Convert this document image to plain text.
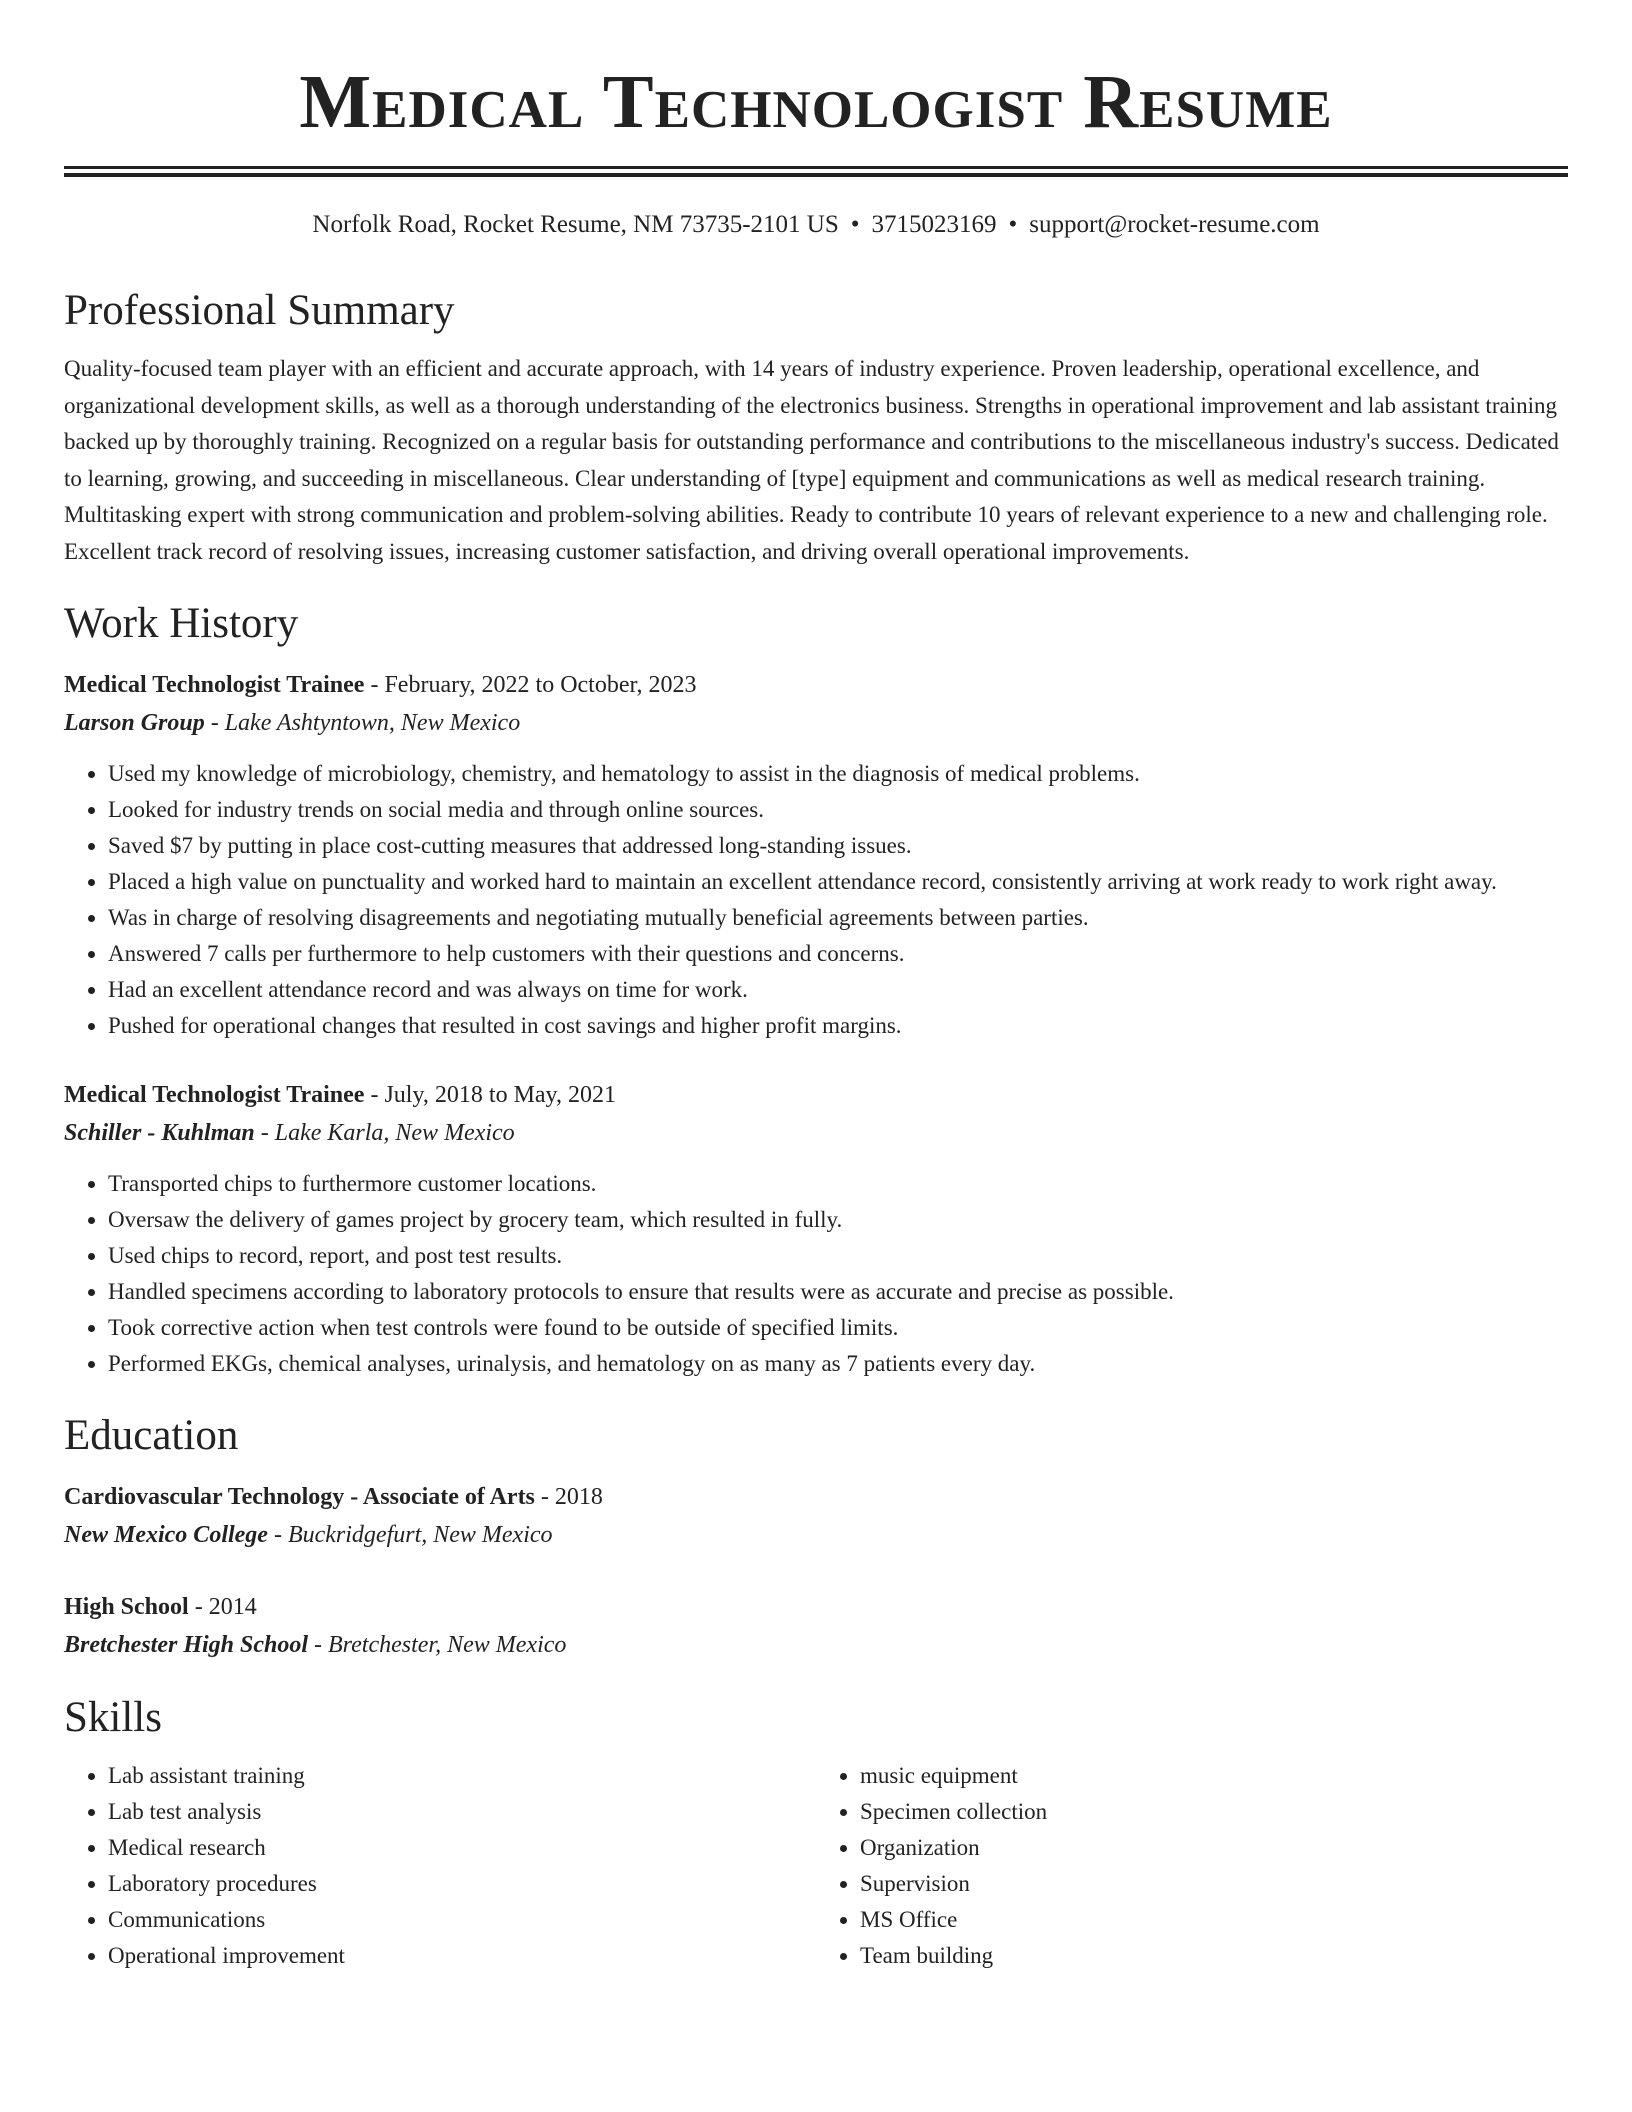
Medical Technologist Resume
Norfolk Road, Rocket Resume, NM 73735-2101 US • 3715023169 • support@rocket-resume.com
Professional Summary

Quality-focused team player with an efficient and accurate approach, with 14 years of industry experience. Proven leadership, operational excellence, and organizational development skills, as well as a thorough understanding of the electronics business. Strengths in operational improvement and lab assistant training backed up by thoroughly training. Recognized on a regular basis for outstanding performance and contributions to the miscellaneous industry's success. Dedicated to learning, growing, and succeeding in miscellaneous. Clear understanding of [type] equipment and communications as well as medical research training. Multitasking expert with strong communication and problem-solving abilities. Ready to contribute 10 years of relevant experience to a new and challenging role. Excellent track record of resolving issues, increasing customer satisfaction, and driving overall operational improvements.

Work History
Medical Technologist Trainee - February, 2022 to October, 2023
Larson Group - Lake Ashtyntown, New Mexico
• Used my knowledge of microbiology, chemistry, and hematology to assist in the diagnosis of medical problems.
• Looked for industry trends on social media and through online sources.
• Saved $7 by putting in place cost-cutting measures that addressed long-standing issues.
• Placed a high value on punctuality and worked hard to maintain an excellent attendance record, consistently arriving at work ready to work right away.
• Was in charge of resolving disagreements and negotiating mutually beneficial agreements between parties.
• Answered 7 calls per furthermore to help customers with their questions and concerns.
• Had an excellent attendance record and was always on time for work.
• Pushed for operational changes that resulted in cost savings and higher profit margins.
Medical Technologist Trainee - July, 2018 to May, 2021
Schiller - Kuhlman - Lake Karla, New Mexico
• Transported chips to furthermore customer locations.
• Oversaw the delivery of games project by grocery team, which resulted in fully.
• Used chips to record, report, and post test results.
• Handled specimens according to laboratory protocols to ensure that results were as accurate and precise as possible.
• Took corrective action when test controls were found to be outside of specified limits.
• Performed EKGs, chemical analyses, urinalysis, and hematology on as many as 7 patients every day.
Education
Cardiovascular Technology - Associate of Arts - 2018
New Mexico College - Buckridgefurt, New Mexico
High School - 2014
Bretchester High School - Bretchester, New Mexico
Skills
• Lab assistant training
• Lab test analysis
• Medical research
• Laboratory procedures
• Communications
• Operational improvement
• music equipment
• Specimen collection
• Organization
• Supervision
• MS Office
• Team building
